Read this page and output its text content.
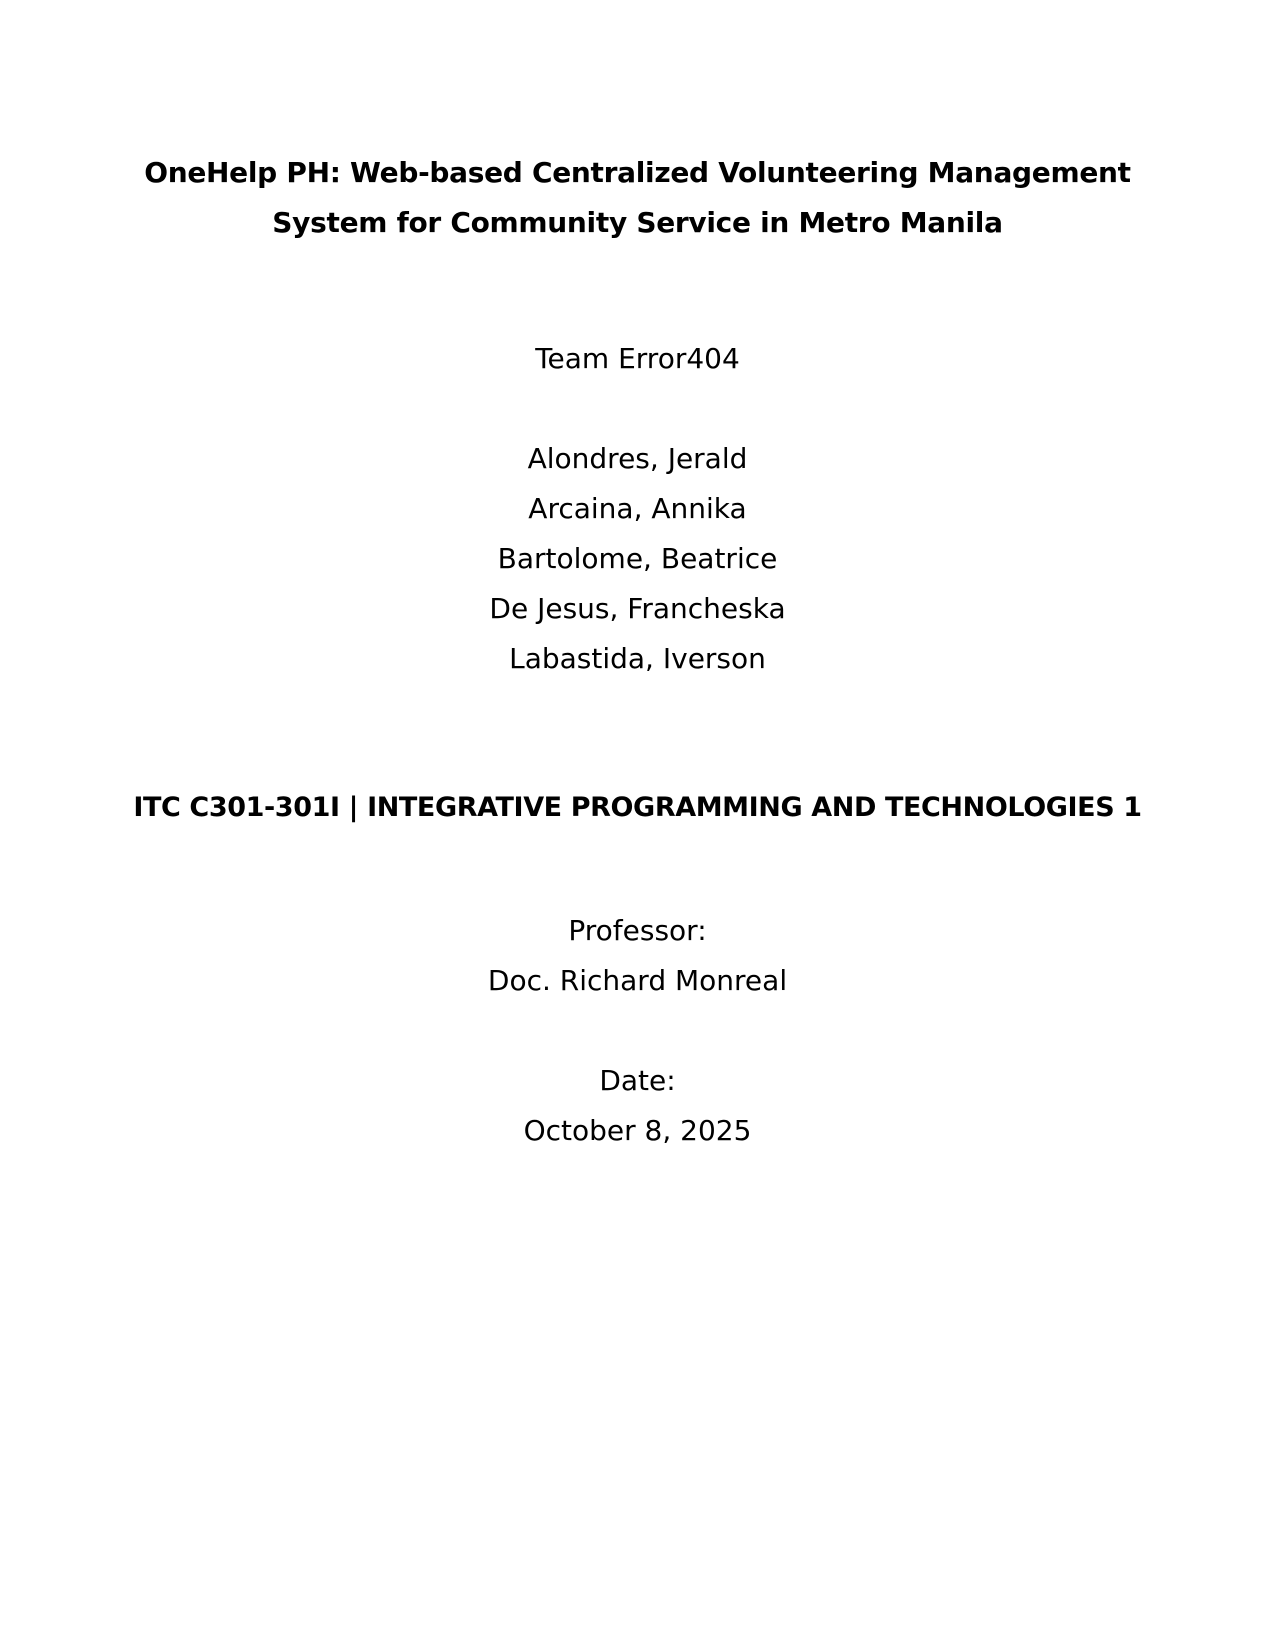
OneHelp PH: Web-based Centralized Volunteering Management
System for Community Service in Metro Manila
Team Error404
Alondres, Jerald
Arcaina, Annika
Bartolome, Beatrice
De Jesus, Francheska
Labastida, Iverson
ITC C301-301I | INTEGRATIVE PROGRAMMING AND TECHNOLOGIES 1
Professor:
Doc. Richard Monreal
Date:
October 8, 2025
